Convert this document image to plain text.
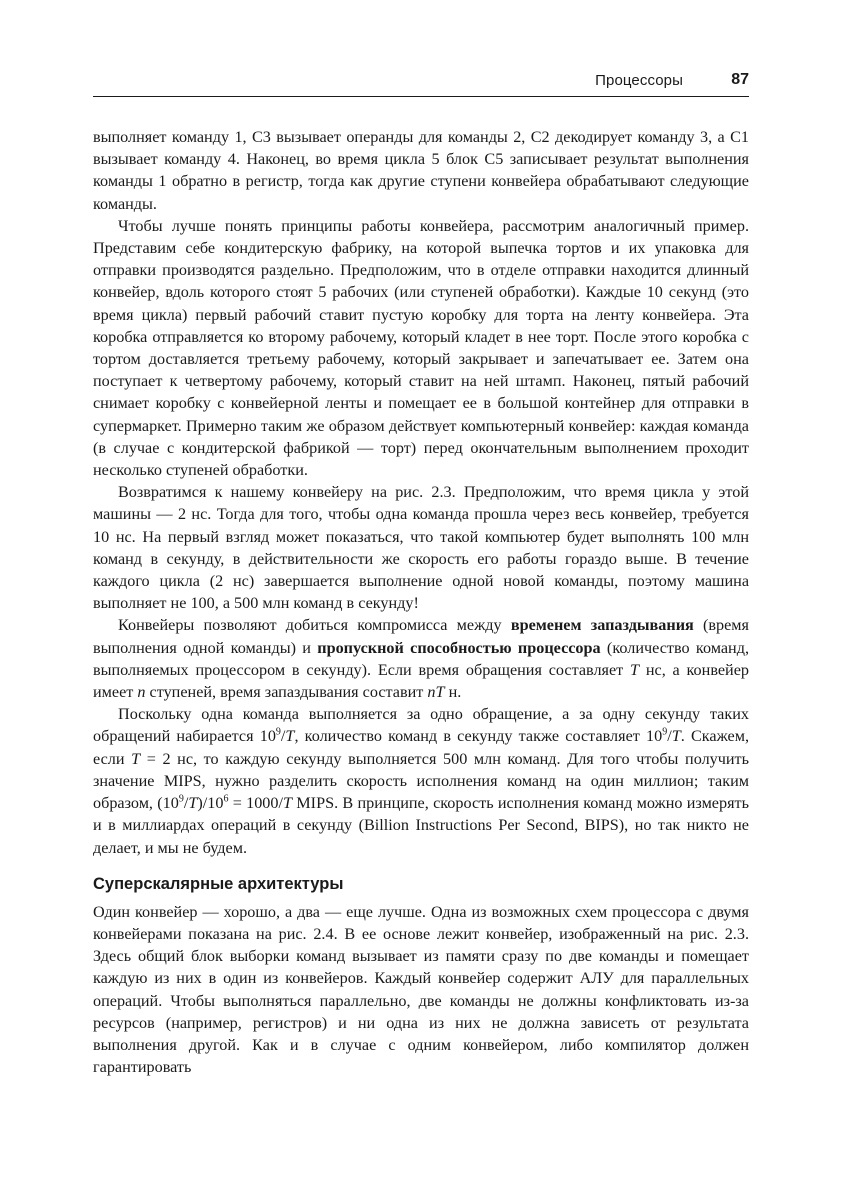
Процессоры	87

выполняет команду 1, С3 вызывает операнды для команды 2, С2 декодирует команду 3, а С1 вызывает команду 4. Наконец, во время цикла 5 блок С5 записывает результат выполнения команды 1 обратно в регистр, тогда как другие ступени конвейера обрабатывают следующие команды.

Чтобы лучше понять принципы работы конвейера, рассмотрим аналогичный пример. Представим себе кондитерскую фабрику, на которой выпечка тортов и их упаковка для отправки производятся раздельно. Предположим, что в отделе отправки находится длинный конвейер, вдоль которого стоят 5 рабочих (или ступеней обработки). Каждые 10 секунд (это время цикла) первый рабочий ставит пустую коробку для торта на ленту конвейера. Эта коробка отправляется ко второму рабочему, который кладет в нее торт. После этого коробка с тортом доставляется третьему рабочему, который закрывает и запечатывает ее. Затем она поступает к четвертому рабочему, который ставит на ней штамп. Наконец, пятый рабочий снимает коробку с конвейерной ленты и помещает ее в большой контейнер для отправки в супермаркет. Примерно таким же образом действует компьютерный конвейер: каждая команда (в случае с кондитерской фабрикой — торт) перед окончательным выполнением проходит несколько ступеней обработки.

Возвратимся к нашему конвейеру на рис. 2.3. Предположим, что время цикла у этой машины — 2 нс. Тогда для того, чтобы одна команда прошла через весь конвейер, требуется 10 нс. На первый взгляд может показаться, что такой компьютер будет выполнять 100 млн команд в секунду, в действительности же скорость его работы гораздо выше. В течение каждого цикла (2 нс) завершается выполнение одной новой команды, поэтому машина выполняет не 100, а 500 млн команд в секунду!

Конвейеры позволяют добиться компромисса между временем запаздывания (время выполнения одной команды) и пропускной способностью процессора (количество команд, выполняемых процессором в секунду). Если время обращения составляет T нс, а конвейер имеет n ступеней, время запаздывания составит nT н.

Поскольку одна команда выполняется за одно обращение, а за одну секунду таких обращений набирается $10^9/T$, количество команд в секунду также составляет $10^9/T$. Скажем, если T = 2 нс, то каждую секунду выполняется 500 млн команд. Для того чтобы получить значение MIPS, нужно разделить скорость исполнения команд на один миллион; таким образом, $(10^9/T)/10^6 = 1000/T$ MIPS. В принципе, скорость исполнения команд можно измерять и в миллиардах операций в секунду (Billion Instructions Per Second, BIPS), но так никто не делает, и мы не будем.

Суперскалярные архитектуры

Один конвейер — хорошо, а два — еще лучше. Одна из возможных схем процессора с двумя конвейерами показана на рис. 2.4. В ее основе лежит конвейер, изображенный на рис. 2.3. Здесь общий блок выборки команд вызывает из памяти сразу по две команды и помещает каждую из них в один из конвейеров. Каждый конвейер содержит АЛУ для параллельных операций. Чтобы выполняться параллельно, две команды не должны конфликтовать из-за ресурсов (например, регистров) и ни одна из них не должна зависеть от результата выполнения другой. Как и в случае с одним конвейером, либо компилятор должен гарантировать
